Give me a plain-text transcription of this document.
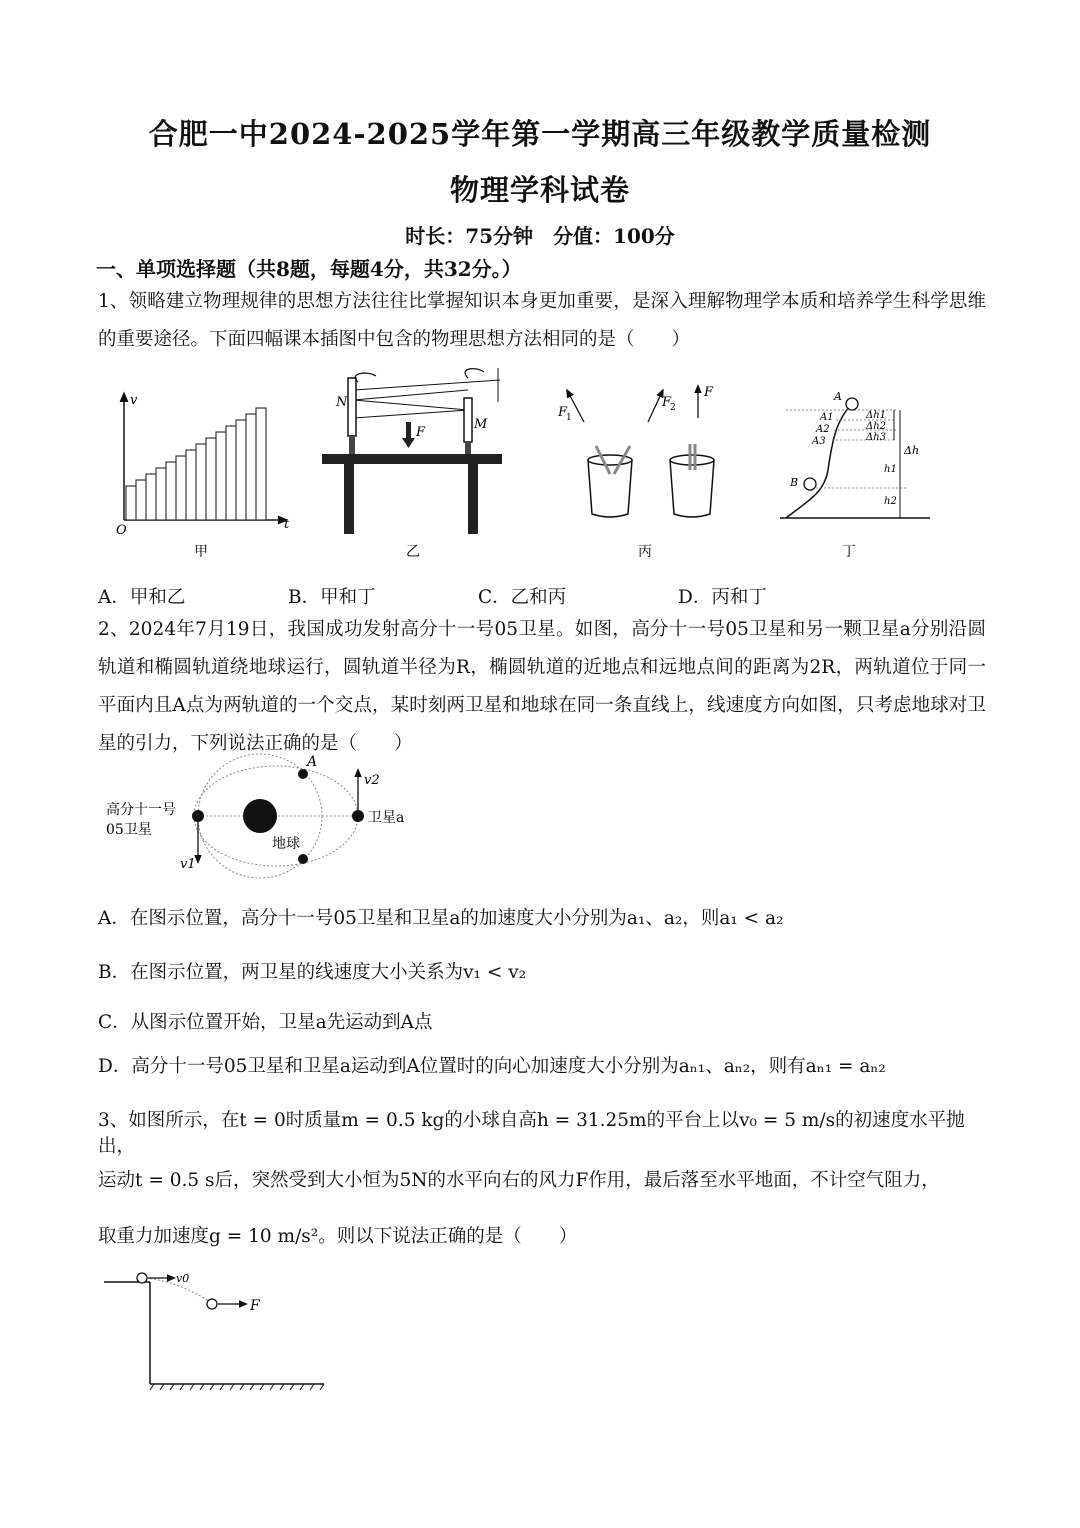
合肥一中2024-2025学年第一学期高三年级教学质量检测
物理学科试卷
时长：75分钟　分值：100分
一、单项选择题（共8题，每题4分，共32分。）
1、领略建立物理规律的思想方法往往比掌握知识本身更加重要，是深入理解物理学本质和培养学生科学思维的重要途径。下面四幅课本插图中包含的物理思想方法相同的是（　　）
v
t
O
甲
N
M
F
乙
F
1
F
2
F
丙
A
A1
A2
A3
B
Δh1
Δh2
Δh3
Δh
h1
h2
丁
A．甲和乙	B．甲和丁	C．乙和丙	D．丙和丁
2、2024年7月19日，我国成功发射高分十一号05卫星。如图，高分十一号05卫星和另一颗卫星a分别沿圆轨道和椭圆轨道绕地球运行，圆轨道半径为R，椭圆轨道的近地点和远地点间的距离为2R，两轨道位于同一平面内且A点为两轨道的一个交点，某时刻两卫星和地球在同一条直线上，线速度方向如图，只考虑地球对卫星的引力，下列说法正确的是（　　）
高分十一号
05卫星
地球
A
卫星a
v1
v2
A．在图示位置，高分十一号05卫星和卫星a的加速度大小分别为a₁、a₂，则a₁ < a₂
B．在图示位置，两卫星的线速度大小关系为v₁ < v₂
C．从图示位置开始，卫星a先运动到A点
D．高分十一号05卫星和卫星a运动到A位置时的向心加速度大小分别为aₙ₁、aₙ₂，则有aₙ₁ = aₙ₂
3、如图所示，在t = 0时质量m = 0.5 kg的小球自高h = 31.25m的平台上以v₀ = 5 m/s的初速度水平抛出，
运动t = 0.5 s后，突然受到大小恒为5N的水平向右的风力F作用，最后落至水平地面，不计空气阻力，
取重力加速度g = 10 m/s²。则以下说法正确的是（　　）
v0
F
